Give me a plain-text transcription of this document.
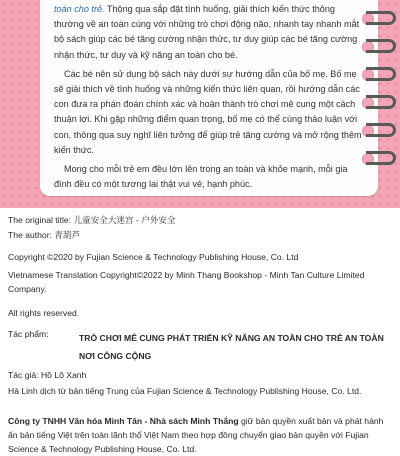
toàn cho trẻ. Thông qua sắp đặt tình huống, giải thích kiến thức thông thường về an toàn cùng với những trò chơi động não, nhanh tay nhanh mắt bộ sách giúp các bé tăng cường nhận thức, tư duy giúp các bé tăng cường nhận thức, tư duy và kỹ năng an toàn cho bé.

Các bé nên sử dụng bộ sách này dưới sự hướng dẫn của bố mẹ. Bố mẹ sẽ giải thích về tình huống và những kiến thức liên quan, rồi hướng dẫn các con đưa ra phán đoán chính xác và hoàn thành trò chơi mê cung một cách thuận lợi. Khi gặp những điểm quan trọng, bố mẹ có thể cùng thảo luận với con, thông qua suy nghĩ liên tưởng để giúp trẻ tăng cường và mở rộng thêm kiến thức.

Mong cho mỗi trẻ em đều lớn lên trong an toàn và khỏe mạnh, mỗi gia đình đều có một tương lai thật vui vẻ, hạnh phúc.

The original title: 儿童安全大迷宫 - 户外安全
The author: 青葫芦
Copyright ©2020 by Fujian Science & Technology Publishing House, Co. Ltd
Vietnamese Translation Copyright©2022 by Minh Thang Bookshop - Minh Tan Culture Limited Company.
All rights reserved.
Tác phẩm:	TRÒ CHƠI MÊ CUNG PHÁT TRIỂN KỸ NĂNG AN TOÀN CHO TRẺ AN TOÀN NƠI CÔNG CỘNG
Tác giả: Hồ Lô Xanh
Hà Linh dịch từ bản tiếng Trung của Fujian Science & Technology Publishing House, Co. Ltd.
Công ty TNHH Văn hóa Minh Tân - Nhà sách Minh Thắng giữ bản quyền xuất bản và phát hành ấn bản tiếng Việt trên toàn lãnh thổ Việt Nam theo hợp đồng chuyển giao bản quyền với Fujian Science & Technology Publishing House, Co. Ltd.
